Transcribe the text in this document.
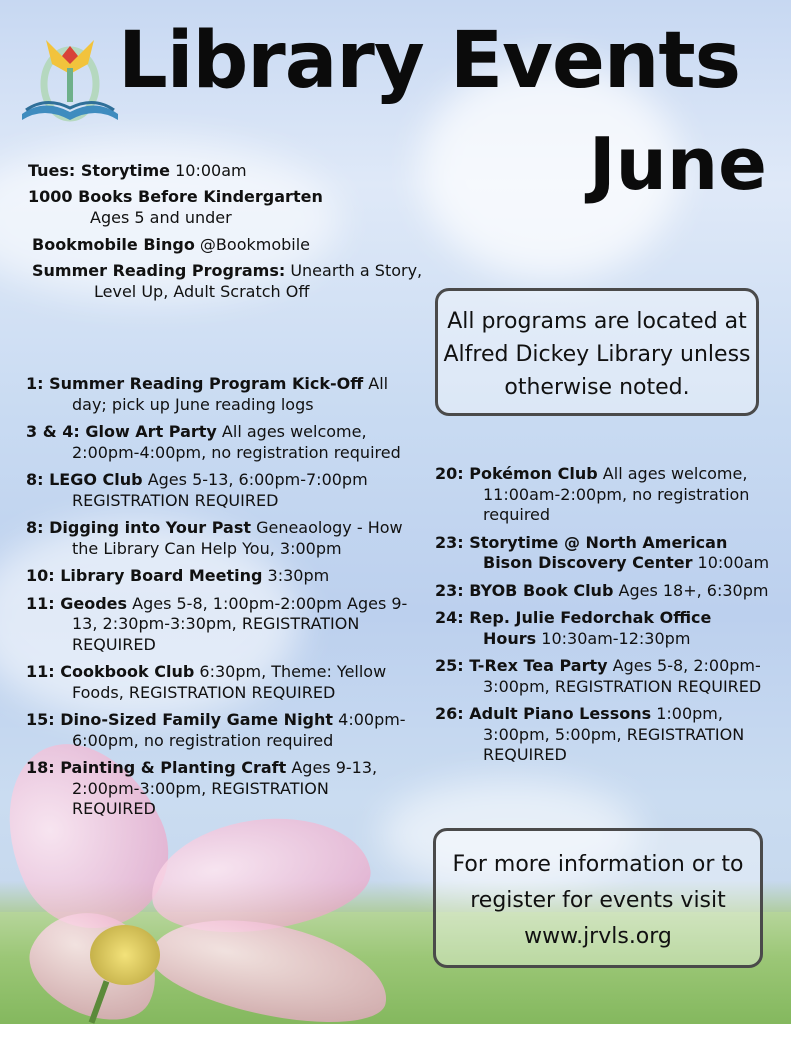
Library Events
June

Tues: Storytime 10:00am

1000 Books Before Kindergarten
Ages 5 and under

Bookmobile Bingo @Bookmobile

Summer Reading Programs: Unearth a Story,
Level Up, Adult Scratch Off

All programs are located at Alfred Dickey Library unless otherwise noted.

1: Summer Reading Program Kick-Off All day; pick up June reading logs

3 & 4: Glow Art Party All ages welcome, 2:00pm-4:00pm, no registration required

8: LEGO Club Ages 5-13, 6:00pm-7:00pm REGISTRATION REQUIRED

8: Digging into Your Past Geneaology - How the Library Can Help You, 3:00pm

10: Library Board Meeting 3:30pm

11: Geodes Ages 5-8, 1:00pm-2:00pm Ages 9-13, 2:30pm-3:30pm, REGISTRATION REQUIRED

11: Cookbook Club 6:30pm, Theme: Yellow Foods, REGISTRATION REQUIRED

15: Dino-Sized Family Game Night 4:00pm-6:00pm, no registration required

18: Painting & Planting Craft Ages 9-13, 2:00pm-3:00pm, REGISTRATION REQUIRED

20: Pokémon Club All ages welcome, 11:00am-2:00pm, no registration required

23: Storytime @ North American Bison Discovery Center 10:00am

23: BYOB Book Club Ages 18+, 6:30pm

24: Rep. Julie Fedorchak Office Hours 10:30am-12:30pm

25: T-Rex Tea Party Ages 5-8, 2:00pm-3:00pm, REGISTRATION REQUIRED

26: Adult Piano Lessons 1:00pm, 3:00pm, 5:00pm, REGISTRATION REQUIRED

For more information or to register for events visit www.jrvls.org
